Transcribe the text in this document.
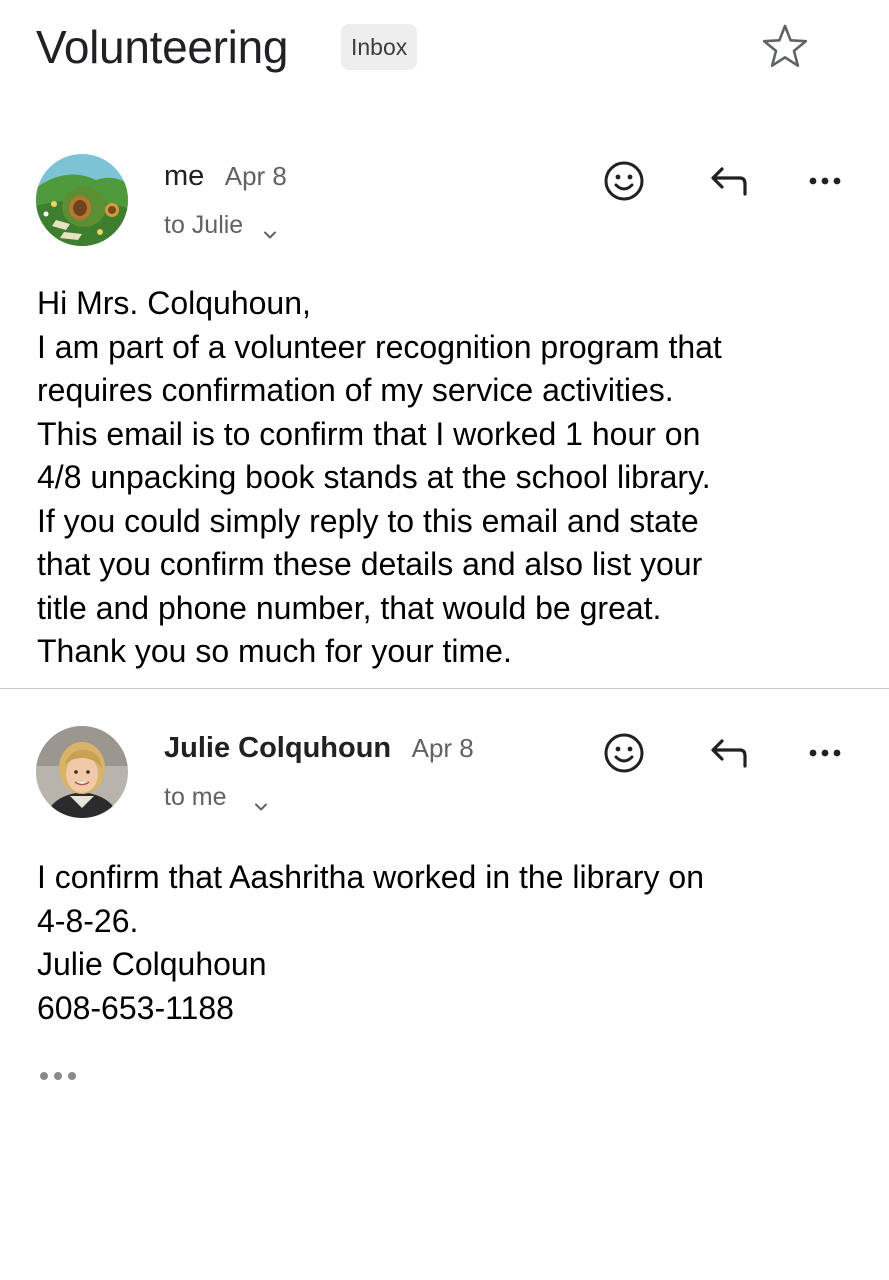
Volunteering	Inbox
me Apr 8
to Julie
Hi Mrs. Colquhoun,
I am part of a volunteer recognition program that
requires confirmation of my service activities.
This email is to confirm that I worked 1 hour on
4/8 unpacking book stands at the school library.
If you could simply reply to this email and state
that you confirm these details and also list your
title and phone number, that would be great.
Thank you so much for your time.
Julie Colquhoun Apr 8
to me
I confirm that Aashritha worked in the library on
4-8-26.
Julie Colquhoun
608-653-1188
